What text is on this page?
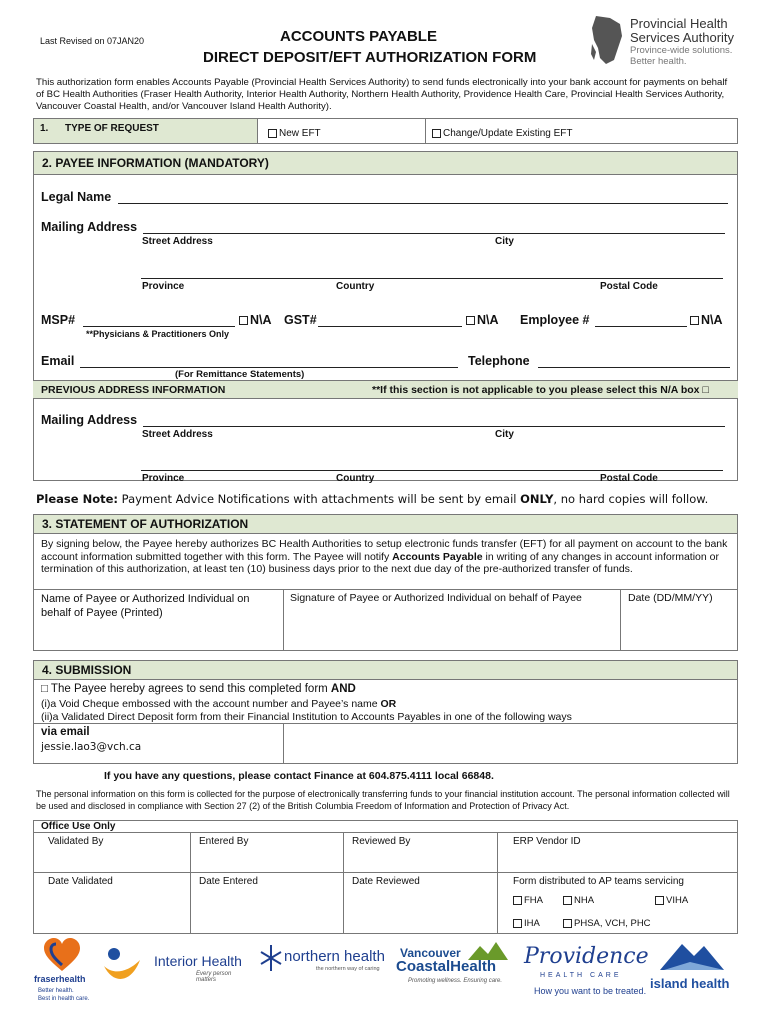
Last Revised on 07JAN20	ACCOUNTS PAYABLE
DIRECT DEPOSIT/EFT AUTHORIZATION FORM
Provincial Health
Services Authority
Province-wide solutions.
Better health.
This authorization form enables Accounts Payable (Provincial Health Services Authority) to send funds electronically into your bank account for payments on behalf of BC Health Authorities (Fraser Health Authority, Interior Health Authority, Northern Health Authority, Providence Health Care, Provincial Health Services Authority, Vancouver Coastal Health, and/or Vancouver Island Health Authority).
1. TYPE OF REQUEST	New EFT	Change/Update Existing EFT
2. PAYEE INFORMATION (MANDATORY)
Legal Name
Mailing Address
Street Address	City
Province	Country	Postal Code
MSP#	N\A GST#	N\A Employee #	N\A
**Physicians & Practitioners Only
Email	Telephone
(For Remittance Statements)
PREVIOUS ADDRESS INFORMATION	**If this section is not applicable to you please select this N/A box □
Mailing Address
Street Address	City
Province	Country	Postal Code
Please Note: Payment Advice Notifications with attachments will be sent by email ONLY, no hard copies will follow.
3. STATEMENT OF AUTHORIZATION
By signing below, the Payee hereby authorizes BC Health Authorities to setup electronic funds transfer (EFT) for all payment on account to the bank account information submitted together with this form. The Payee will notify Accounts Payable in writing of any changes in account information or termination of this authorization, at least ten (10) business days prior to the next due day of the pre-authorized transfer of funds.
Name of Payee or Authorized Individual on behalf of Payee (Printed)
Signature of Payee or Authorized Individual on behalf of Payee	Date (DD/MM/YY)
4. SUBMISSION
□ The Payee hereby agrees to send this completed form AND
(i)a Void Cheque embossed with the account number and Payee’s name OR
(ii)a Validated Direct Deposit form from their Financial Institution to Accounts Payables in one of the following ways
via email
jessie.lao3@vch.ca
If you have any questions, please contact Finance at 604.875.4111 local 66848.
The personal information on this form is collected for the purpose of electronically transferring funds to your financial institution account. The personal information collected will be used and disclosed in compliance with Section 27 (2) of the British Columbia Freedom of Information and Protection of Privacy Act.
Office Use Only
Validated By	Entered By	Reviewed By	ERP Vendor ID
Date Validated	Date Entered	Date Reviewed	Form distributed to AP teams servicing
FHA	NHA	VIHA
IHA	PHSA, VCH, PHC
fraserhealth
Better health.
Best in health care.
Interior Health
Every person matters
northern health
the northern way of caring
Vancouver
CoastalHealth
Promoting wellness. Ensuring care.
Providence
HEALTH CARE
How you want to be treated. island health
